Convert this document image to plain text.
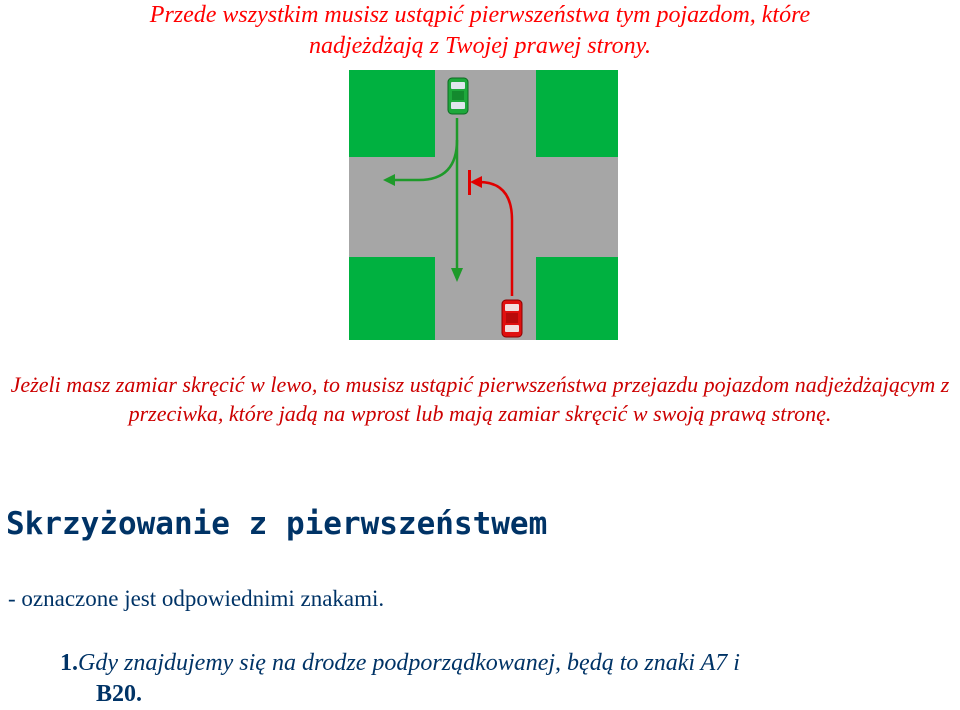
Przede wszystkim musisz ustąpić pierwszeństwa tym pojazdom, które
nadjeżdżają z Twojej prawej strony.

Jeżeli masz zamiar skręcić w lewo, to musisz ustąpić pierwszeństwa przejazdu pojazdom nadjeżdżającym z przeciwka, które jadą na wprost lub mają zamiar skręcić w swoją prawą stronę.

Skrzyżowanie z pierwszeństwem

- oznaczone jest odpowiednimi znakami.

1.Gdy znajdujemy się na drodze podporządkowanej, będą to znaki A7 i
B20.
